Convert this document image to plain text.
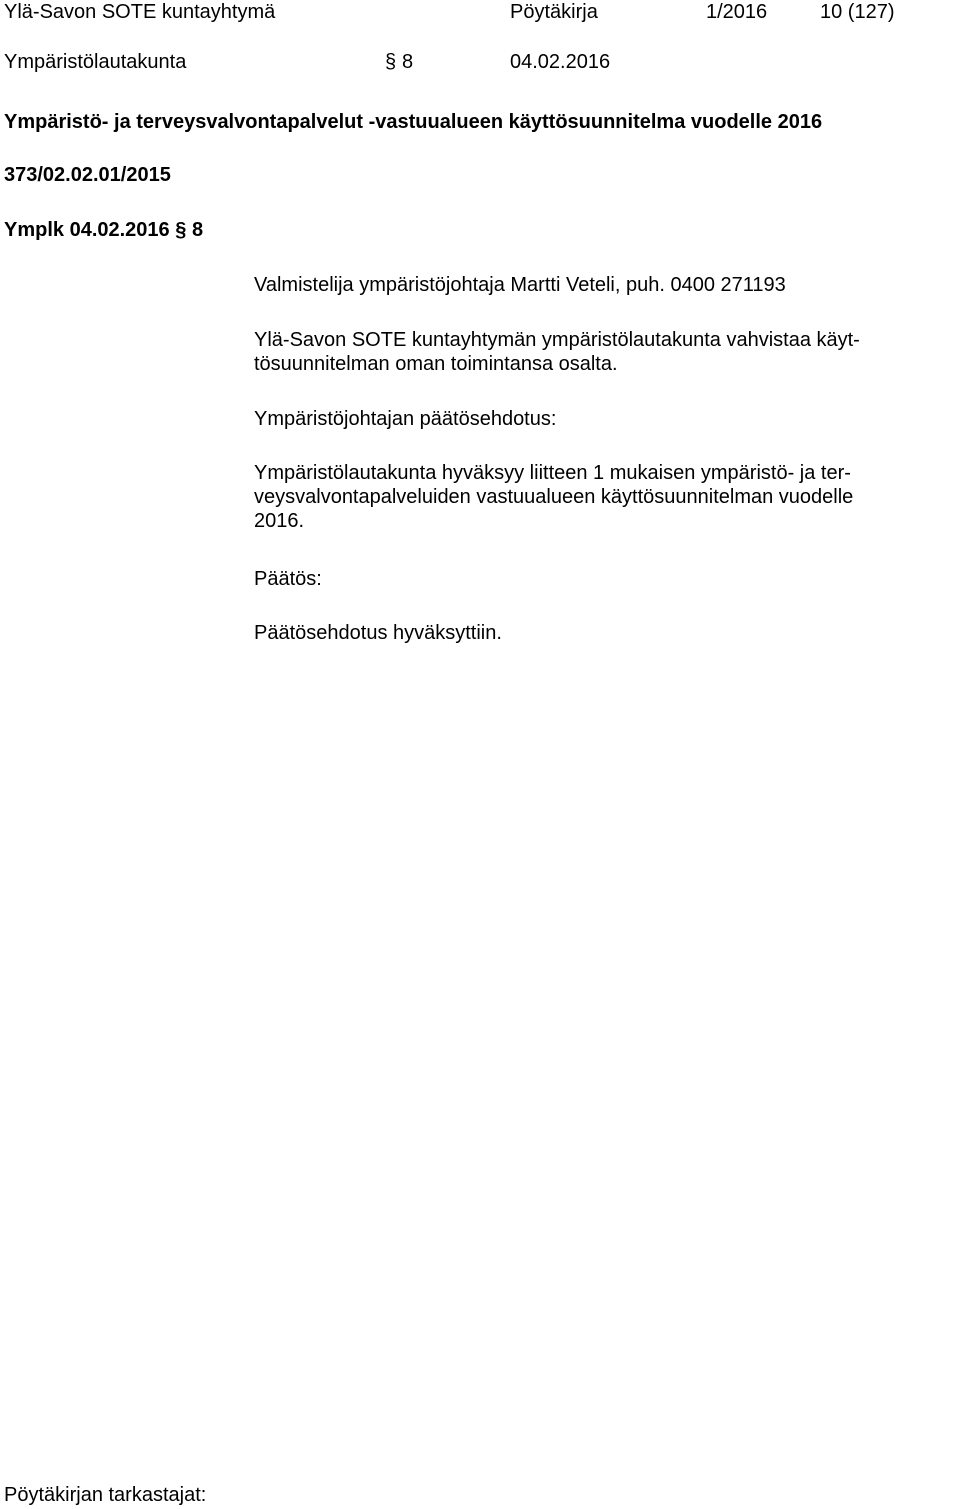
Ylä-Savon SOTE kuntayhtymä	Pöytäkirja	1/2016	10 (127)
Ympäristölautakunta	§ 8	04.02.2016
Ympäristö- ja terveysvalvontapalvelut -vastuualueen käyttösuunnitelma vuodelle 2016
373/02.02.01/2015
Ymplk 04.02.2016 § 8
Valmistelija ympäristöjohtaja Martti Veteli, puh. 0400 271193
Ylä-Savon SOTE kuntayhtymän ympäristölautakunta vahvistaa käyt-
tösuunnitelman oman toimintansa osalta.
Ympäristöjohtajan päätösehdotus:
Ympäristölautakunta hyväksyy liitteen 1 mukaisen ympäristö- ja ter-
veysvalvontapalveluiden vastuualueen käyttösuunnitelman vuodelle
2016.
Päätös:
Päätösehdotus hyväksyttiin.
Pöytäkirjan tarkastajat:
